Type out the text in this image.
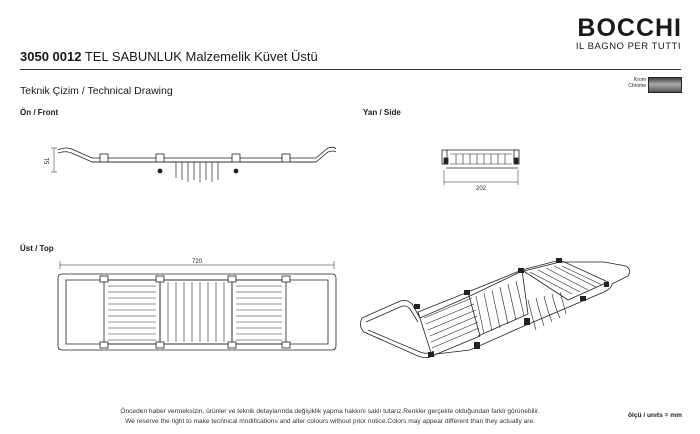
3050 0012 TEL SABUNLUK Malzemelik Küvet Üstü
BOCCHI
IL BAGNO PER TUTTI
Teknik Çizim / Technical Drawing
Krom
Chrome
Ön / Front	Yan / Side
Üst / Top
51
202
720
Önceden haber vermeksizin, ürünler ve teknik detaylarında değişiklik yapma hakkını saklı tutarız.Renkler gerçekte olduğundan farklı görünebilir.
We reserve the right to make technical modifications and alter colours without prior notice.Colors may appear different than they actually are.
ölçü / unıts = mm
